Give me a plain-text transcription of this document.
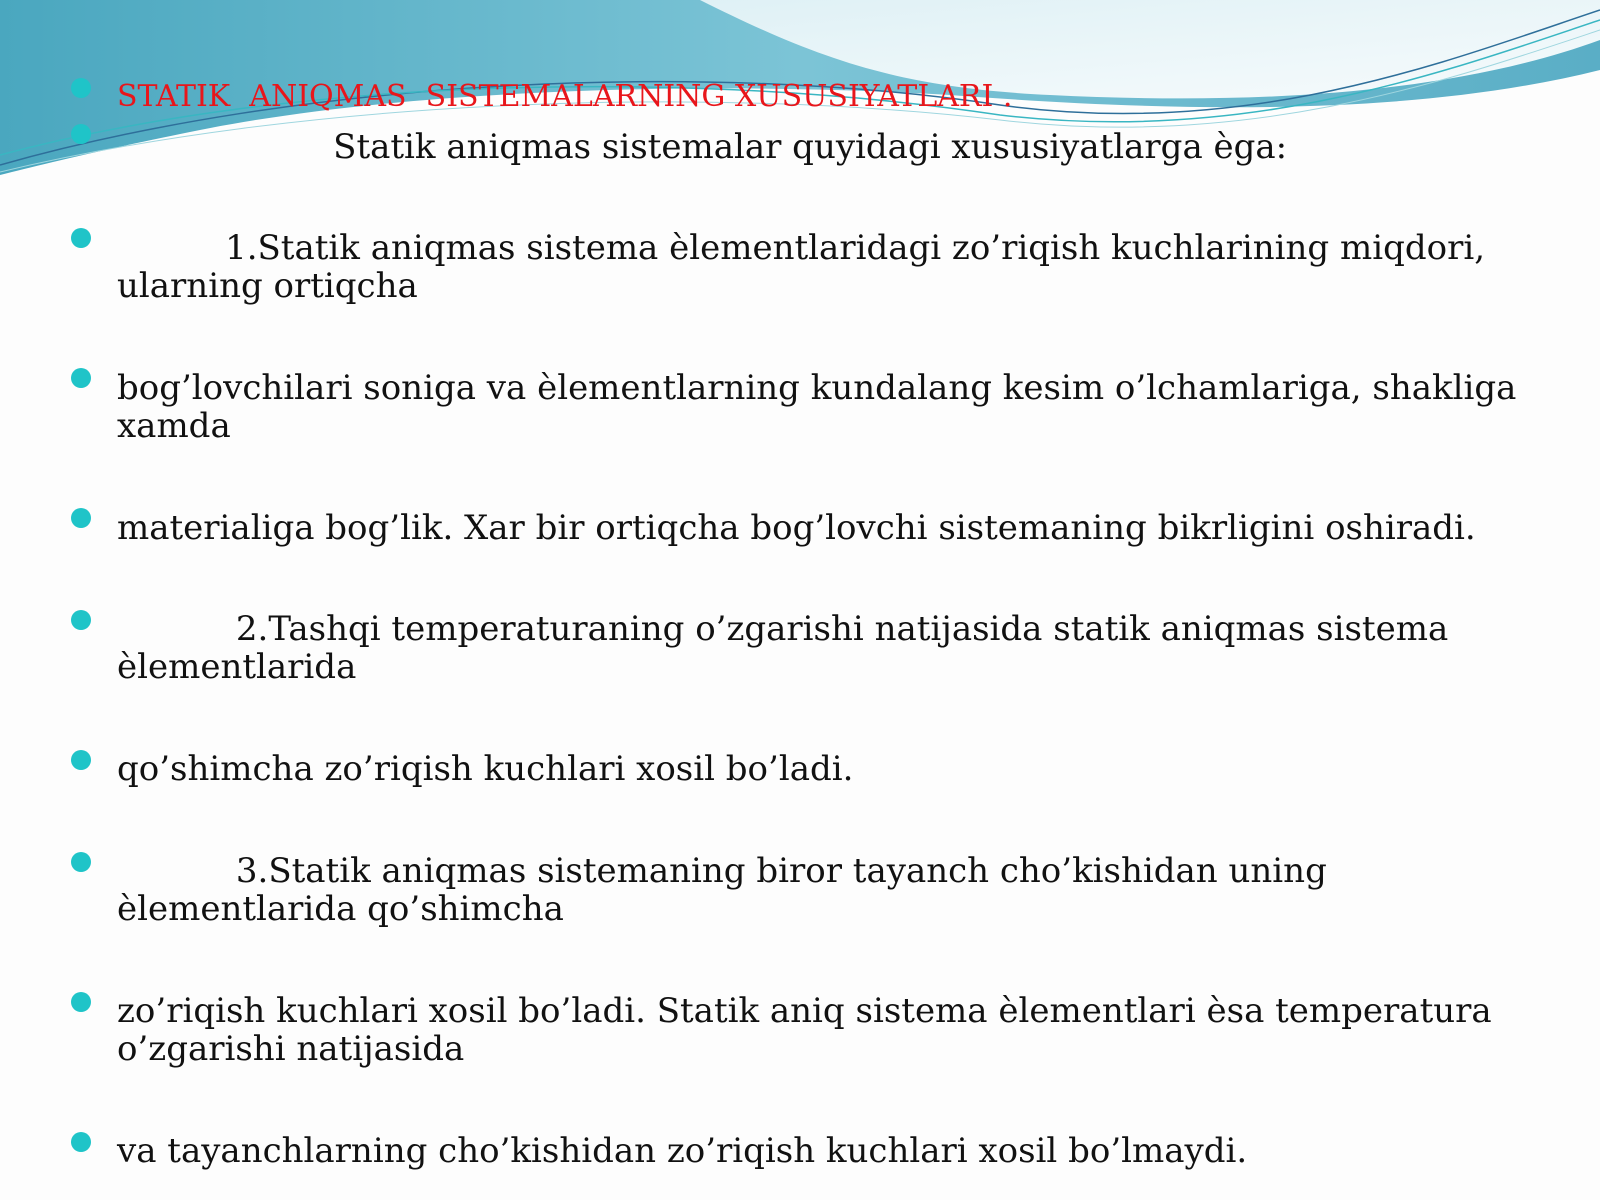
STATIK  ANIQMAS  SISTEMALARNING XUSUSIYATLARI .
Statik aniqmas sistemalar quyidagi xususiyatlarga èga:
1.Statik aniqmas sistema èlementlaridagi zo’riqish kuchlarining miqdori, ularning ortiqcha
bog’lovchilari soniga va èlementlarning kundalang kesim o’lchamlariga, shakliga xamda
materialiga bog’lik. Xar bir ortiqcha bog’lovchi sistemaning bikrligini oshiradi.
2.Tashqi temperaturaning o’zgarishi natijasida statik aniqmas sistema èlementlarida
qo’shimcha zo’riqish kuchlari xosil bo’ladi.
3.Statik aniqmas sistemaning biror tayanch cho’kishidan uning èlementlarida qo’shimcha
zo’riqish kuchlari xosil bo’ladi. Statik aniq sistema èlementlari èsa temperatura o’zgarishi natijasida
va tayanchlarning cho’kishidan zo’riqish kuchlari xosil bo’lmaydi.
